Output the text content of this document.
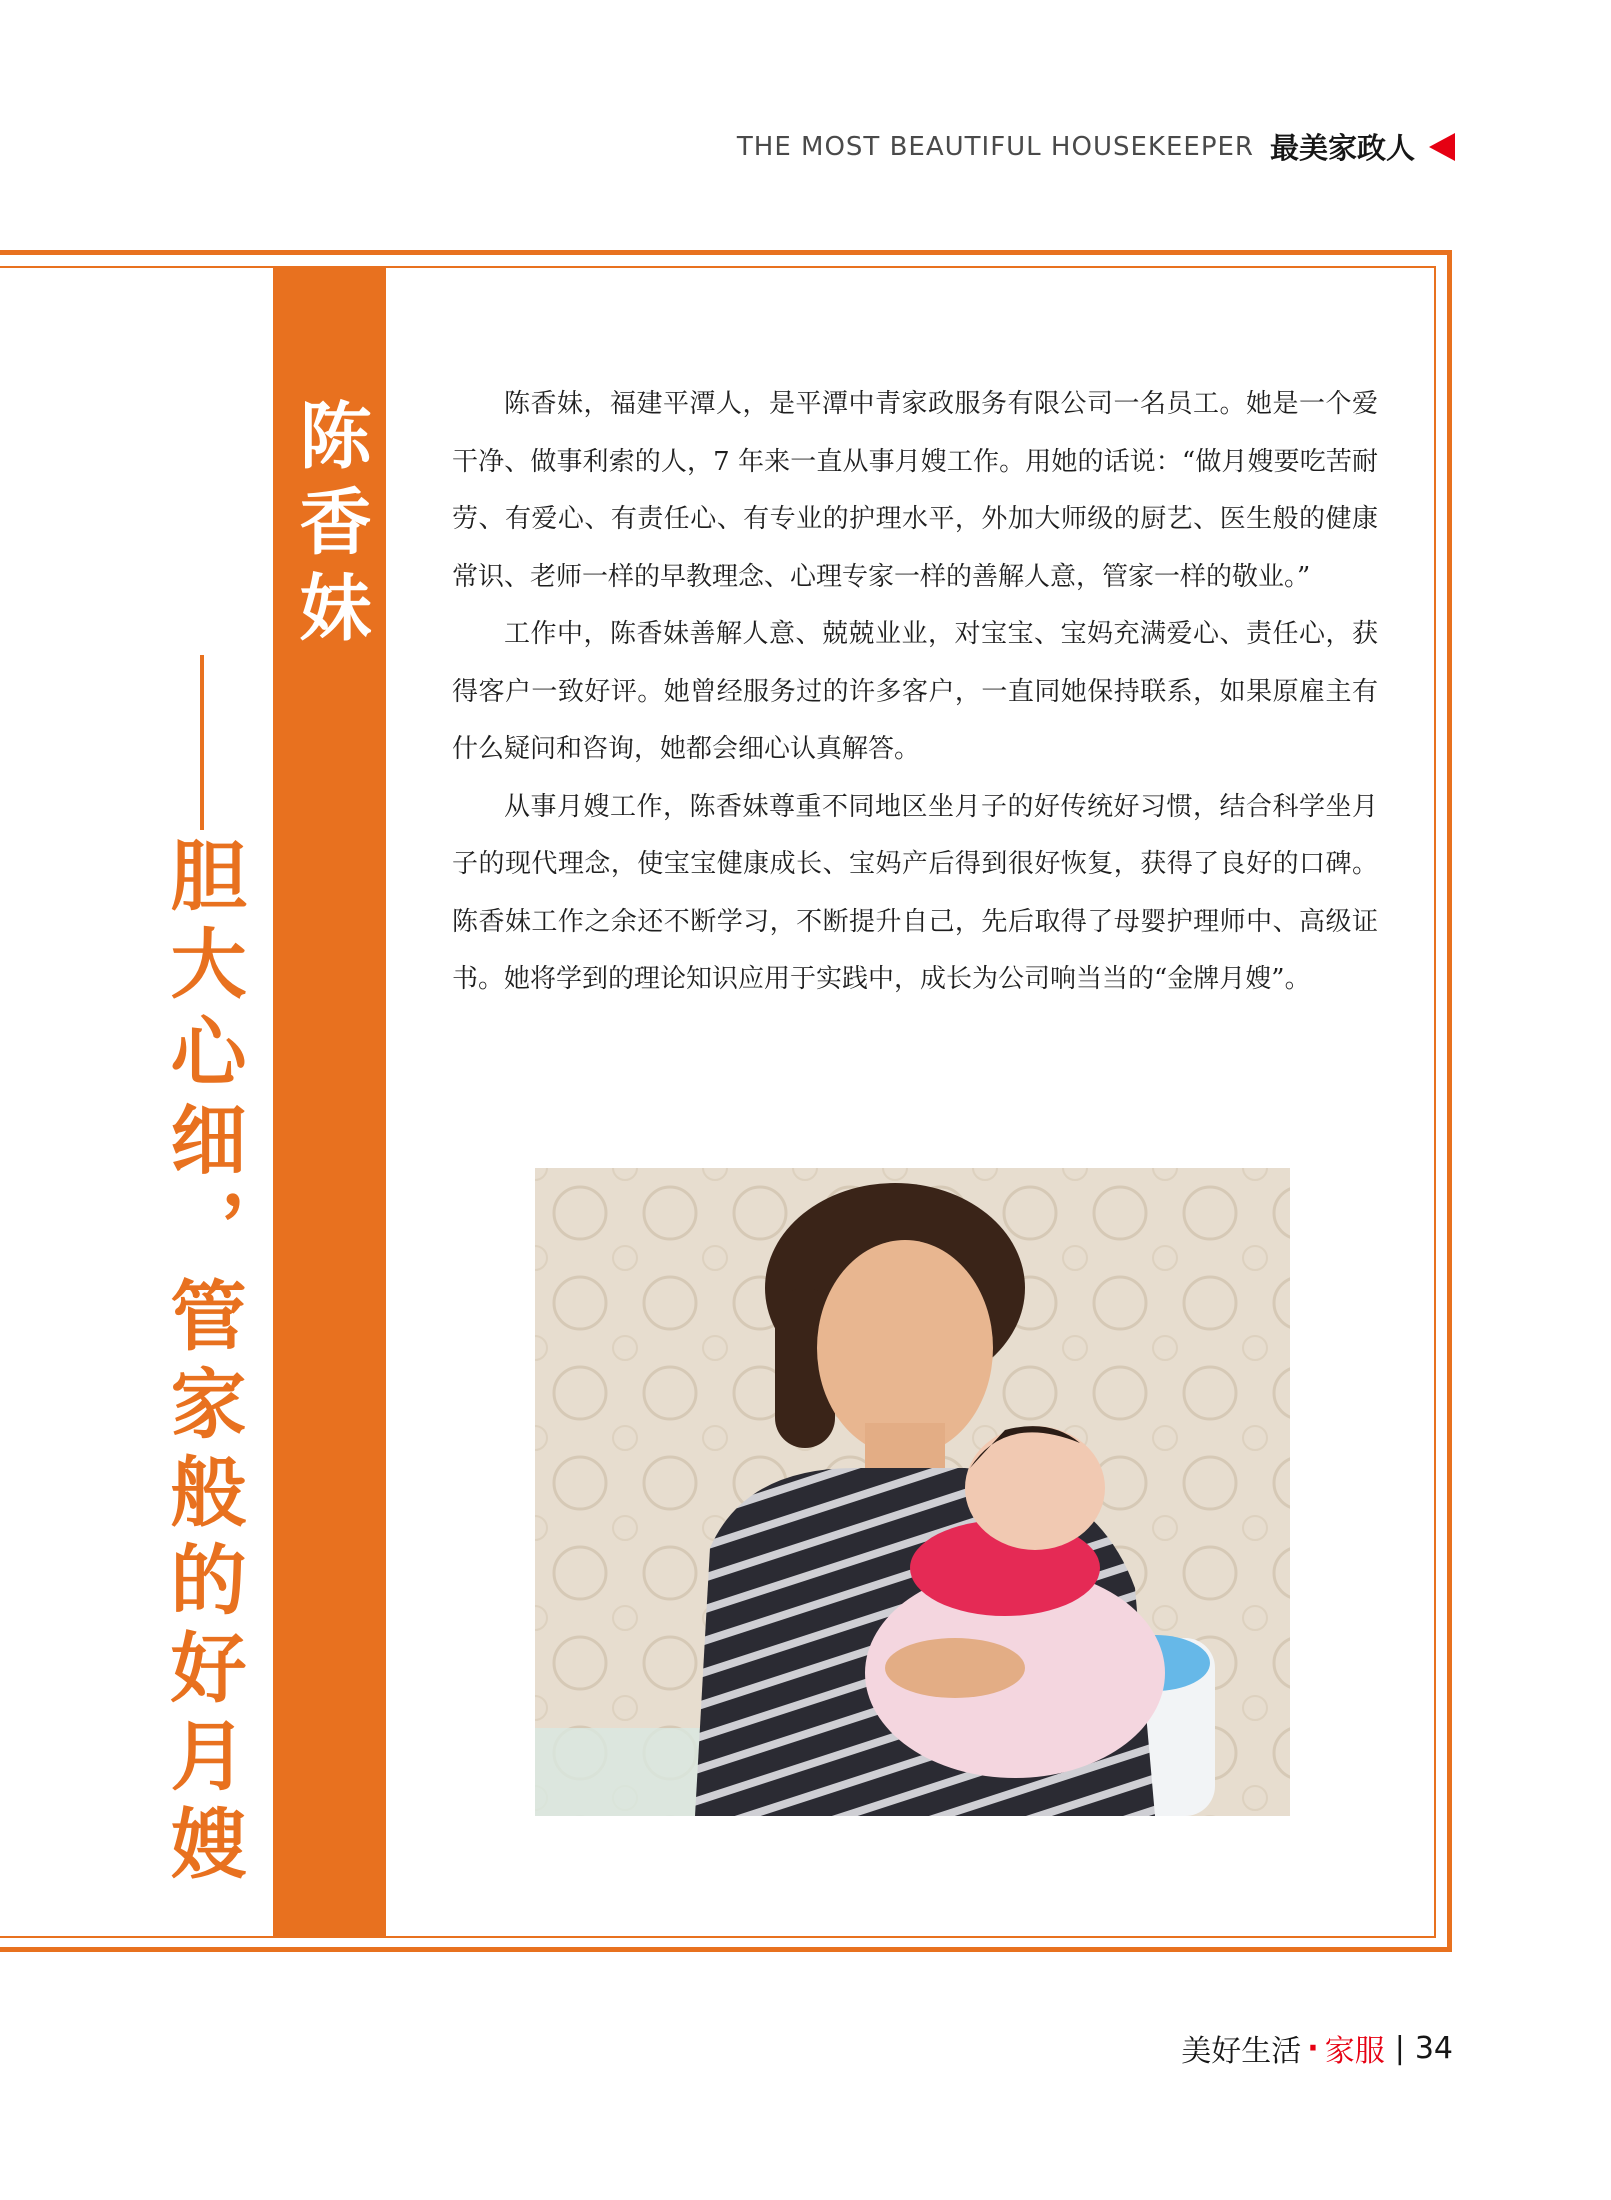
THE MOST BEAUTIFUL HOUSEKEEPER 最美家政人
陈香妹
胆大心细，管家般的好月嫂

陈香妹，福建平潭人，是平潭中青家政服务有限公司一名员工。她是一个爱干净、做事利索的人，7 年来一直从事月嫂工作。用她的话说：“做月嫂要吃苦耐劳、有爱心、有责任心、有专业的护理水平，外加大师级的厨艺、医生般的健康常识、老师一样的早教理念、心理专家一样的善解人意，管家一样的敬业。”

工作中，陈香妹善解人意、兢兢业业，对宝宝、宝妈充满爱心、责任心，获得客户一致好评。她曾经服务过的许多客户，一直同她保持联系，如果原雇主有什么疑问和咨询，她都会细心认真解答。

从事月嫂工作，陈香妹尊重不同地区坐月子的好传统好习惯，结合科学坐月子的现代理念，使宝宝健康成长、宝妈产后得到很好恢复，获得了良好的口碑。陈香妹工作之余还不断学习，不断提升自己，先后取得了母婴护理师中、高级证书。她将学到的理论知识应用于实践中，成长为公司响当当的“金牌月嫂”。

美好生活 · 家服 | 34
